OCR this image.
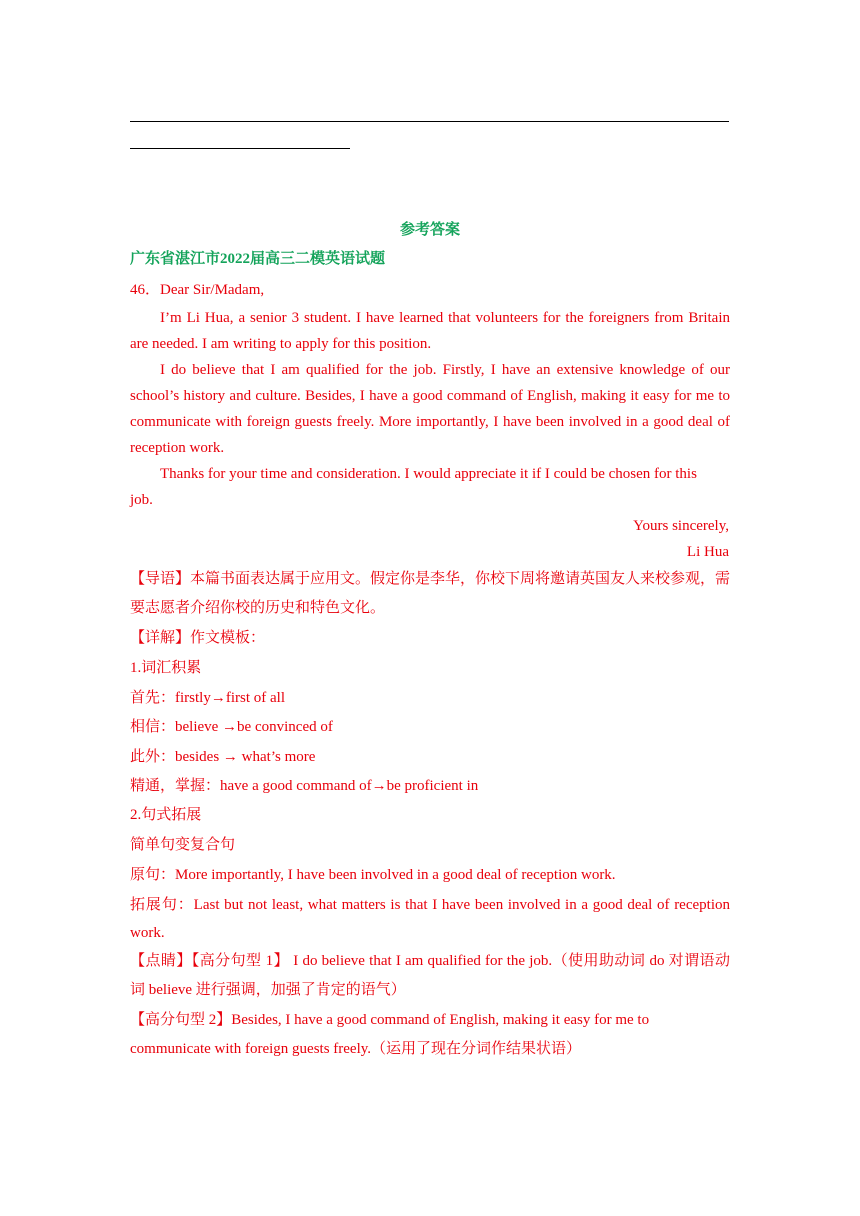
参考答案
广东省湛江市2022届高三二模英语试题
46．Dear Sir/Madam,
I’m Li Hua, a senior 3 student. I have learned that volunteers for the foreigners from Britain
are needed. I am writing to apply for this position.
I do believe that I am qualified for the job. Firstly, I have an extensive knowledge of our
school’s history and culture. Besides, I have a good command of English, making it easy for me to
communicate with foreign guests freely. More importantly, I have been involved in a good deal of
reception work.
Thanks for your time and consideration. I would appreciate it if I could be chosen for this
job.
Yours sincerely,
Li Hua
【导语】本篇书面表达属于应用文。假定你是李华，你校下周将邀请英国友人来校参观，需
要志愿者介绍你校的历史和特色文化。
【详解】作文模板：
1.词汇积累
首先：firstly→first of all
相信：believe →be convinced of
此外：besides → what’s more
精通，掌握：have a good command of→be proficient in
2.句式拓展
简单句变复合句
原句：More importantly, I have been involved in a good deal of reception work.
拓展句：Last but not least, what matters is that I have been involved in a good deal of reception
work.
【点睛】【高分句型 1】 I do believe that I am qualified for the job.（使用助动词 do 对谓语动
词 believe 进行强调，加强了肯定的语气）
【高分句型 2】Besides, I have a good command of English, making it easy for me to
communicate with foreign guests freely.（运用了现在分词作结果状语）
